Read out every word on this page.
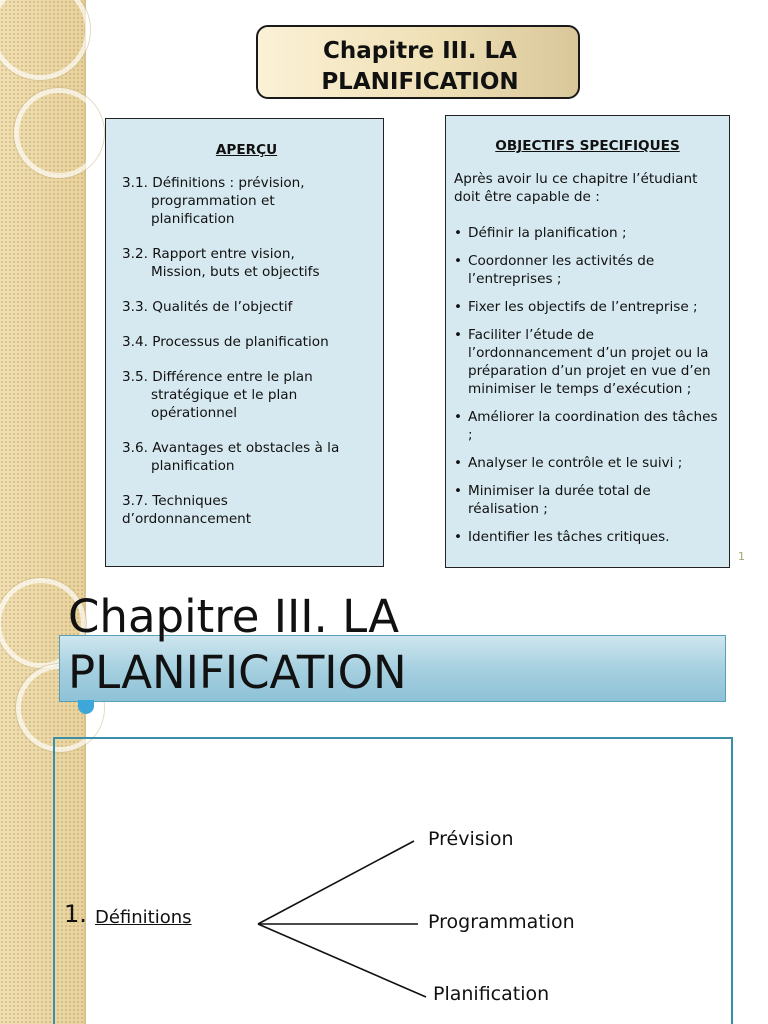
Chapitre III. LA PLANIFICATION
APERÇU
3.1. Définitions : prévision,
programmation et
planification
3.2. Rapport entre vision,
Mission, buts et objectifs
3.3. Qualités de l’objectif
3.4. Processus de planification
3.5. Différence entre le plan
stratégique et le plan
opérationnel
3.6. Avantages et obstacles à la
planification
3.7. Techniques
d’ordonnancement
OBJECTIFS SPECIFIQUES
Après avoir lu ce chapitre l’étudiant doit être capable de :
• Définir la planification ;
• Coordonner les activités de l’entreprises ;
• Fixer les objectifs de l’entreprise ;
• Faciliter l’étude de l’ordonnancement d’un projet ou la préparation d’un projet en vue d’en minimiser le temps d’exécution ;
• Améliorer la coordination des tâches ;
• Analyser le contrôle et le suivi ;
• Minimiser la durée total de réalisation ;
• Identifier les tâches critiques.
1
Chapitre III. LA PLANIFICATION
1. Définitions
Prévision
Programmation
Planification
